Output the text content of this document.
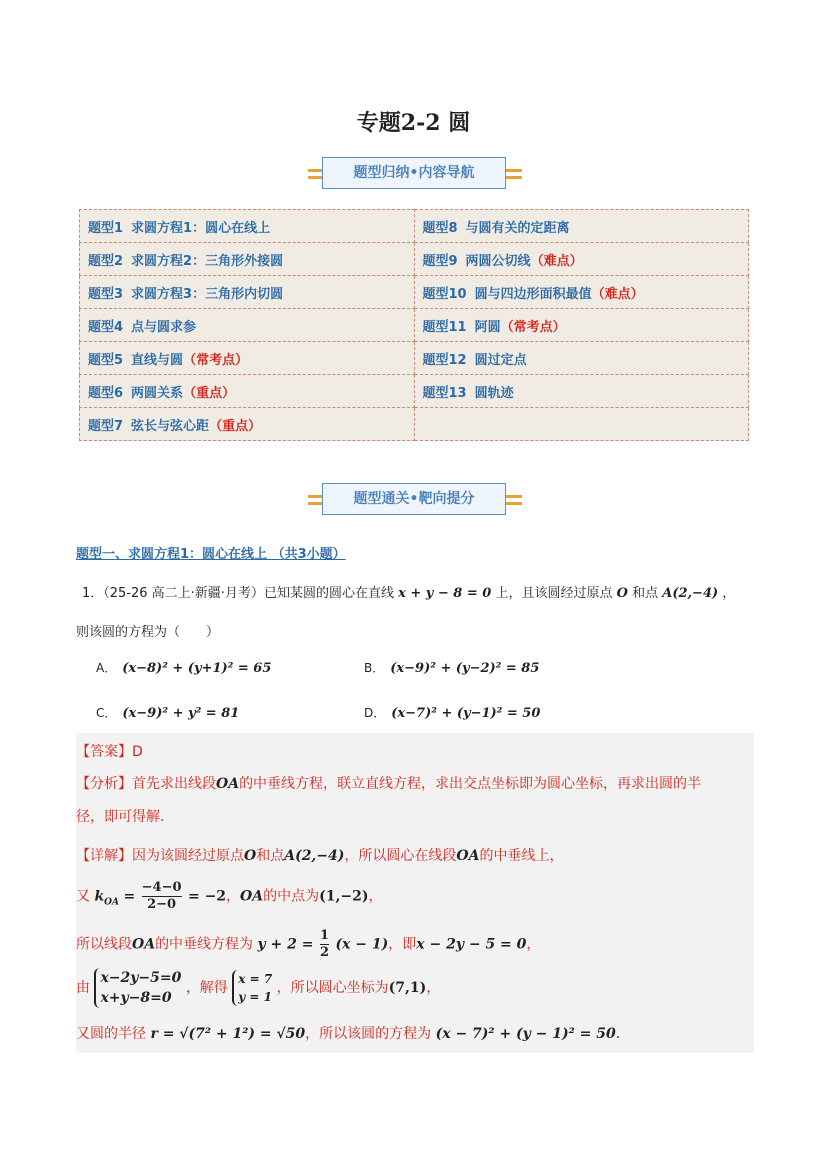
专题2-2 圆
题型归纳•内容导航
题型1 求圆方程1：圆心在线上	题型8 与圆有关的定距离
题型2 求圆方程2：三角形外接圆	题型9 两圆公切线（难点）
题型3 求圆方程3：三角形内切圆	题型10 圆与四边形面积最值（难点）
题型4 点与圆求参	题型11 阿圆（常考点）
题型5 直线与圆（常考点）	题型12 圆过定点
题型6 两圆关系（重点）	题型13 圆轨迹
题型7 弦长与弦心距（重点）	
题型通关•靶向提分
题型一、求圆方程1：圆心在线上 （共3小题）
1．（25-26 高二上·新疆·月考）已知某圆的圆心在直线 x + y − 8 = 0 上，且该圆经过原点 O 和点 A(2,−4) ，
则该圆的方程为（　　）
A． (x−8)² + (y+1)² = 65	B． (x−9)² + (y−2)² = 85
C． (x−9)² + y² = 81	D． (x−7)² + (y−1)² = 50
【答案】D
【分析】首先求出线段OA的中垂线方程，联立直线方程，求出交点坐标即为圆心坐标，再求出圆的半
径，即可得解.
【详解】因为该圆经过原点O和点A(2,−4)，所以圆心在线段OA的中垂线上，
又 $k_{OA} = \frac{-4-0}{2-0} = -2$，OA的中点为(1,−2)，
所以线段OA的中垂线方程为 $y + 2 = \frac{1}{2} (x - 1)$，即x − 2y − 5 = 0，
由
x−2y−5=0
x+y−8=0
，解得
x = 7
y = 1
，所以圆心坐标为(7,1)，
又圆的半径 r = √(7² + 1²) = √50，所以该圆的方程为 (x − 7)² + (y − 1)² = 50.
